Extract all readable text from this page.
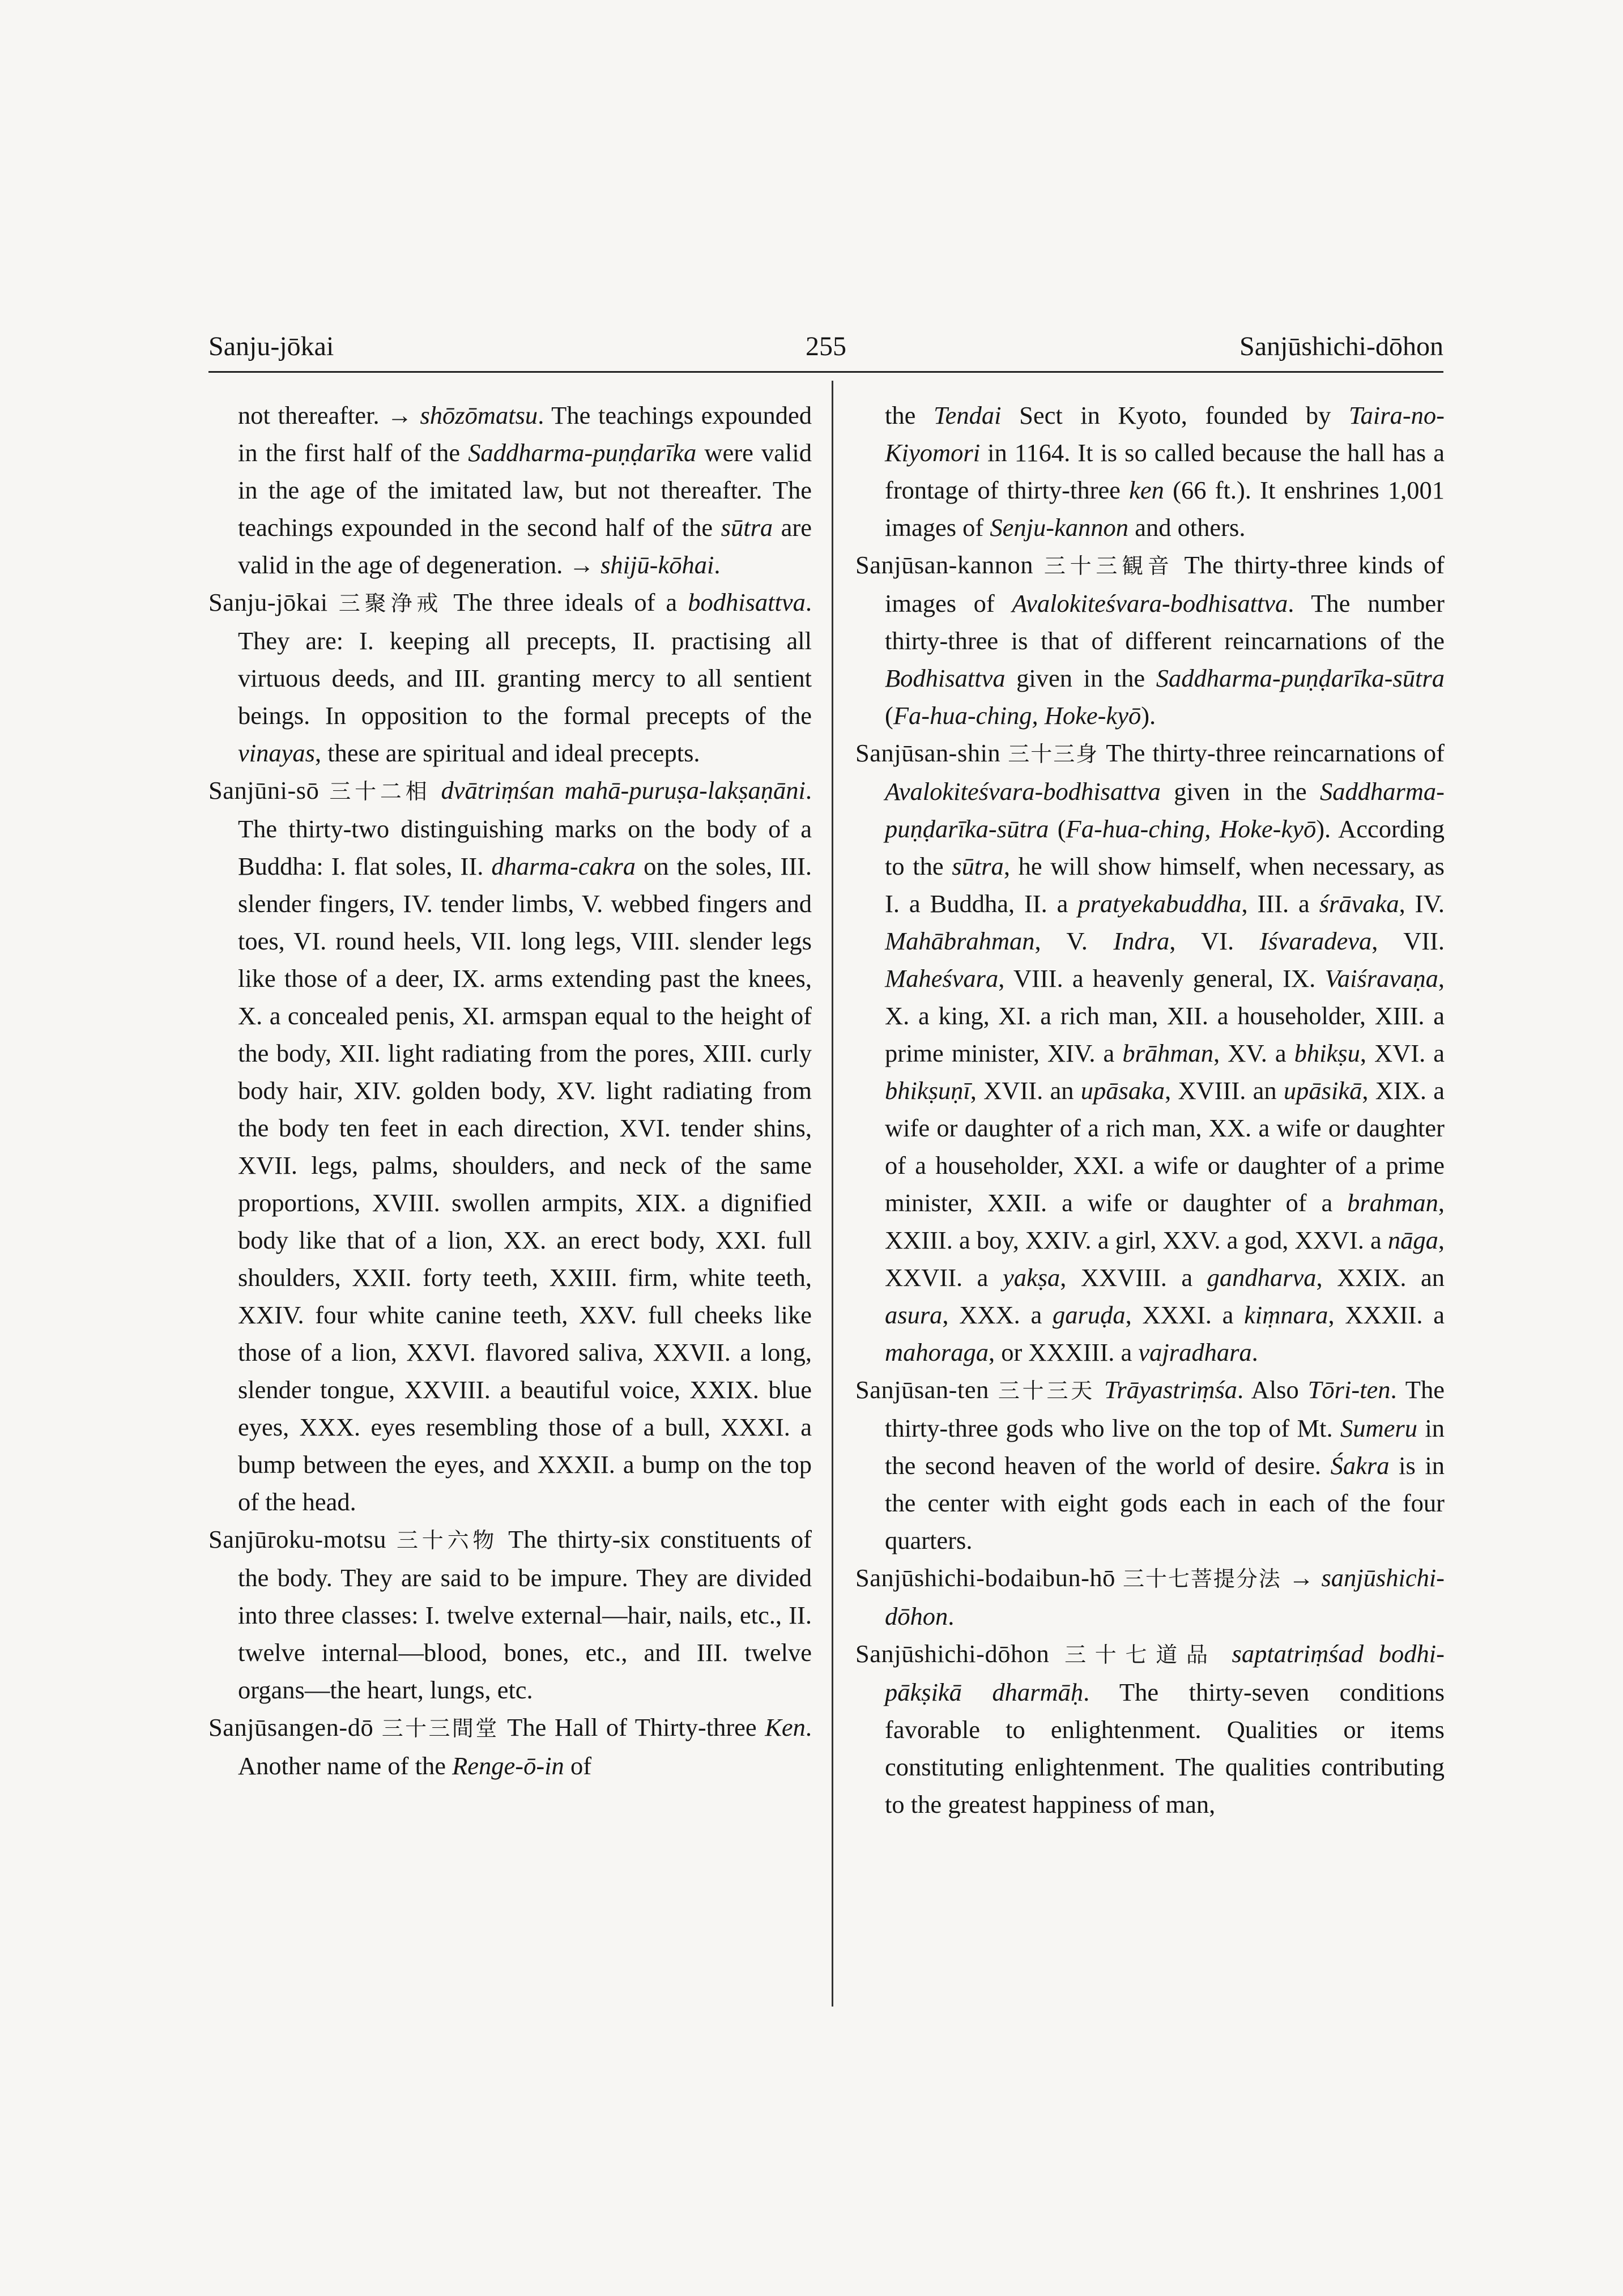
255
Sanju-jōkai	Sanjūshichi-dōhon

not thereafter. → shōzōmatsu. The teachings expounded in the first half of the Saddharma-puṇḍarīka were valid in the age of the imitated law, but not thereafter. The teachings expounded in the second half of the sūtra are valid in the age of degeneration. → shijū-kōhai.

Sanju-jōkai 三聚浄戒 The three ideals of a bodhisattva. They are: I. keeping all precepts, II. practising all virtuous deeds, and III. granting mercy to all sentient beings. In opposition to the formal precepts of the vinayas, these are spiritual and ideal precepts.

Sanjūni-sō 三十二相 dvātriṃśan mahā-puruṣa-lakṣaṇāni. The thirty-two distinguishing marks on the body of a Buddha: I. flat soles, II. dharma-cakra on the soles, III. slender fingers, IV. tender limbs, V. webbed fingers and toes, VI. round heels, VII. long legs, VIII. slender legs like those of a deer, IX. arms extending past the knees, X. a concealed penis, XI. armspan equal to the height of the body, XII. light radiating from the pores, XIII. curly body hair, XIV. golden body, XV. light radiating from the body ten feet in each direction, XVI. tender shins, XVII. legs, palms, shoulders, and neck of the same proportions, XVIII. swollen armpits, XIX. a dignified body like that of a lion, XX. an erect body, XXI. full shoulders, XXII. forty teeth, XXIII. firm, white teeth, XXIV. four white canine teeth, XXV. full cheeks like those of a lion, XXVI. flavored saliva, XXVII. a long, slender tongue, XXVIII. a beautiful voice, XXIX. blue eyes, XXX. eyes resembling those of a bull, XXXI. a bump between the eyes, and XXXII. a bump on the top of the head.

Sanjūroku-motsu 三十六物 The thirty-six constituents of the body. They are said to be impure. They are divided into three classes: I. twelve external—hair, nails, etc., II. twelve internal—blood, bones, etc., and III. twelve organs—the heart, lungs, etc.

Sanjūsangen-dō 三十三間堂 The Hall of Thirty-three Ken. Another name of the Renge-ō-in of

the Tendai Sect in Kyoto, founded by Taira-no-Kiyomori in 1164. It is so called because the hall has a frontage of thirty-three ken (66 ft.). It enshrines 1,001 images of Senju-kannon and others.

Sanjūsan-kannon 三十三観音 The thirty-three kinds of images of Avalokiteśvara-bodhisattva. The number thirty-three is that of different reincarnations of the Bodhisattva given in the Saddharma-puṇḍarīka-sūtra (Fa-hua-ching, Hoke-kyō).

Sanjūsan-shin 三十三身 The thirty-three reincarnations of Avalokiteśvara-bodhisattva given in the Saddharma-puṇḍarīka-sūtra (Fa-hua-ching, Hoke-kyō). According to the sūtra, he will show himself, when necessary, as I. a Buddha, II. a pratyekabuddha, III. a śrāvaka, IV. Mahābrahman, V. Indra, VI. Iśvaradeva, VII. Maheśvara, VIII. a heavenly general, IX. Vaiśravaṇa, X. a king, XI. a rich man, XII. a householder, XIII. a prime minister, XIV. a brāhman, XV. a bhikṣu, XVI. a bhikṣuṇī, XVII. an upāsaka, XVIII. an upāsikā, XIX. a wife or daughter of a rich man, XX. a wife or daughter of a householder, XXI. a wife or daughter of a prime minister, XXII. a wife or daughter of a brahman, XXIII. a boy, XXIV. a girl, XXV. a god, XXVI. a nāga, XXVII. a yakṣa, XXVIII. a gandharva, XXIX. an asura, XXX. a garuḍa, XXXI. a kiṃnara, XXXII. a mahoraga, or XXXIII. a vajradhara.

Sanjūsan-ten 三十三天 Trāyastriṃśa. Also Tōri-ten. The thirty-three gods who live on the top of Mt. Sumeru in the second heaven of the world of desire. Śakra is in the center with eight gods each in each of the four quarters.

Sanjūshichi-bodaibun-hō 三十七菩提分法 → sanjūshichi-dōhon.

Sanjūshichi-dōhon 三十七道品 saptatriṃśad bodhi-pākṣikā dharmāḥ. The thirty-seven conditions favorable to enlightenment. Qualities or items constituting enlightenment. The qualities contributing to the greatest happiness of man,
